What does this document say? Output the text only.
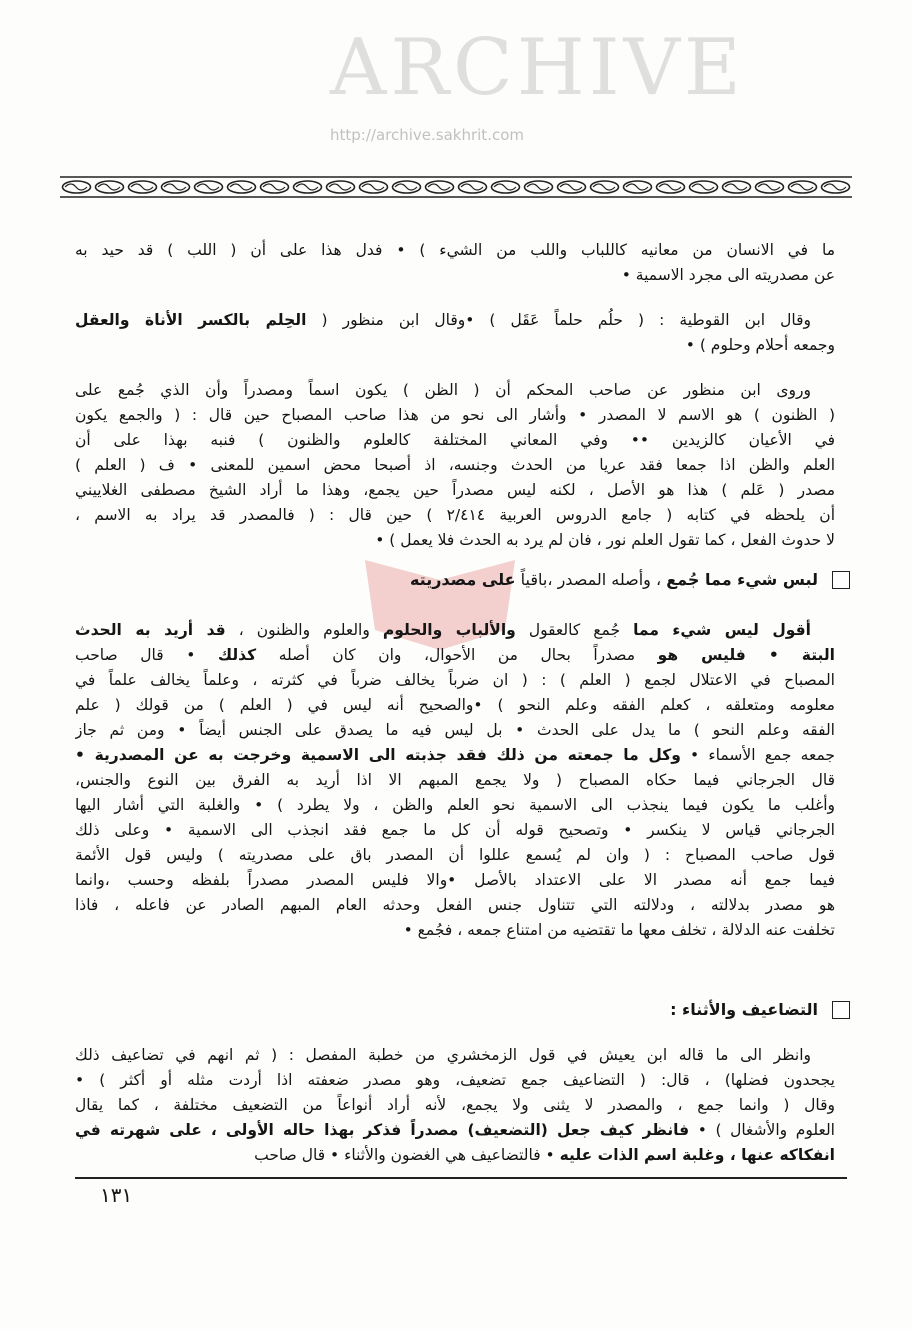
ARCHIVE
http://archive.sakhrit.com
ما في الانسان من معانيه كاللباب واللب من الشيء ) • فدل هذا على أن ( اللب ) قد حيد به
عن مصدريته الى مجرد الاسمية •
وقال ابن القوطية : ( حلُم حلماً عَقَل ) •وقال ابن منظور ( الحِلم بالكسر الأناة والعقل
وجمعه أحلام وحلوم ) •
وروى ابن منظور عن صاحب المحكم أن ( الظن ) يكون اسماً ومصدراً وأن الذي جُمع على
( الظنون ) هو الاسم لا المصدر • وأشار الى نحو من هذا صاحب المصباح حين قال : ( والجمع يكون
في الأعيان كالزيدين •• وفي المعاني المختلفة كالعلوم والظنون ) فنبه بهذا على أن
العلم والظن اذا جمعا فقد عريا من الحدث وجنسه، اذ أصبحا محض اسمين للمعنى • ف ( العلم )
مصدر ( عَلم ) هذا هو الأصل ، لكنه ليس مصدراً حين يجمع، وهذا ما أراد الشيخ مصطفى الغلاييني
أن يلحظه في كتابه ( جامع الدروس العربية ٢/٤١٤ ) حين قال : ( فالمصدر قد يراد به الاسم ،
لا حدوث الفعل ، كما تقول العلم نور ، فان لم يرد به الحدث فلا يعمل ) •
لبس شيء مما جُمع ، وأصله المصدر ،باقياً على مصدريته
أقول ليس شيء مما جُمع كالعقول والألباب والحلوم والعلوم والظنون ، قد أريد به الحدث
البتة • فليس هو مصدراً بحال من الأحوال، وان كان أصله كذلك • قال صاحب
المصباح في الاعتلال لجمع ( العلم ) : ( ان ضرباً يخالف ضرباً في كثرته ، وعلماً يخالف علماً في
معلومه ومتعلقه ، كعلم الفقه وعلم النحو ) •والصحيح أنه ليس في ( العلم ) من قولك ( علم
الفقه وعلم النحو ) ما يدل على الحدث • بل ليس فيه ما يصدق على الجنس أيضاً • ومن ثم جاز
جمعه جمع الأسماء • وكل ما جمعته من ذلك فقد جذبته الى الاسمية وخرجت به عن المصدرية •
قال الجرجاني فيما حكاه المصباح ( ولا يجمع المبهم الا اذا أريد به الفرق بين النوع والجنس،
وأغلب ما يكون فيما ينجذب الى الاسمية نحو العلم والظن ، ولا يطرد ) • والغلبة التي أشار اليها
الجرجاني قياس لا ينكسر • وتصحيح قوله أن كل ما جمع فقد انجذب الى الاسمية • وعلى ذلك
قول صاحب المصباح : ( وان لم يُسمع عللوا أن المصدر باق على مصدريته ) وليس قول الأئمة
فيما جمع أنه مصدر الا على الاعتداد بالأصل •والا فليس المصدر مصدراً بلفظه وحسب ،وانما
هو مصدر بدلالته ، ودلالته التي تتناول جنس الفعل وحدثه العام المبهم الصادر عن فاعله ، فاذا
تخلفت عنه الدلالة ، تخلف معها ما تقتضيه من امتناع جمعه ، فجُمع •
التضاعيف والأثناء :
وانظر الى ما قاله ابن يعيش في قول الزمخشري من خطبة المفصل : ( ثم انهم في تضاعيف ذلك
يجحدون فضلها) ، قال: ( التضاعيف جمع تضعيف، وهو مصدر ضعفته اذا أردت مثله أو أكثر ) •
وقال ( وانما جمع ، والمصدر لا يثنى ولا يجمع، لأنه أراد أنواعاً من التضعيف مختلفة ، كما يقال
العلوم والأشغال ) • فانظر كيف جعل (التضعيف) مصدراً فذكر بهذا حاله الأولى ، على شهرته في
انفكاكه عنها ، وغلبة اسم الذات عليه • فالتضاعيف هي الغضون والأثناء • قال صاحب
١٣١
